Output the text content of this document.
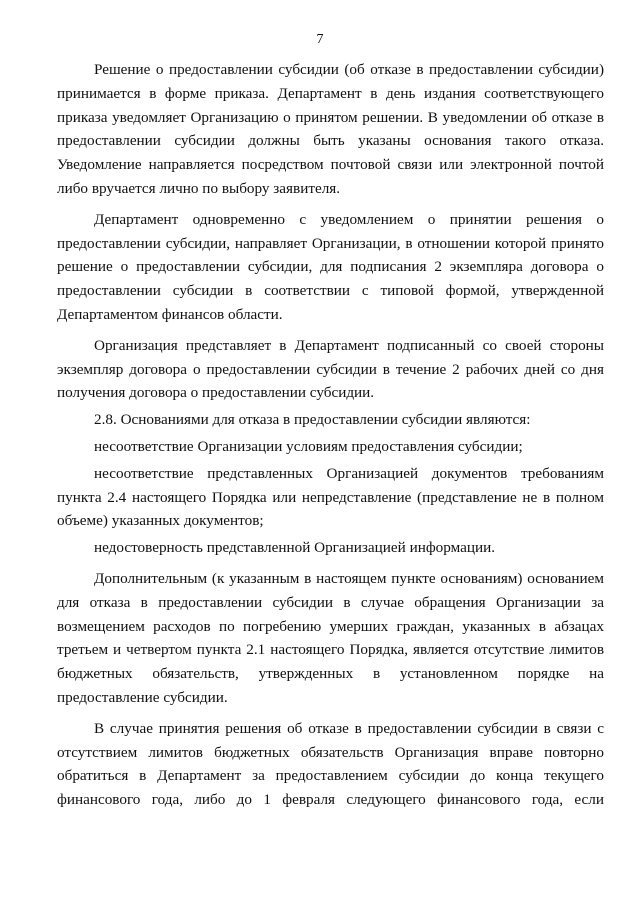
7

Решение о предоставлении субсидии (об отказе в предоставлении субсидии) принимается в форме приказа. Департамент в день издания соответствующего приказа уведомляет Организацию о принятом решении. В уведомлении об отказе в предоставлении субсидии должны быть указаны основания такого отказа. Уведомление направляется посредством почтовой связи или электронной почтой либо вручается лично по выбору заявителя.

Департамент одновременно с уведомлением о принятии решения о предоставлении субсидии, направляет Организации, в отношении которой принято решение о предоставлении субсидии, для подписания 2 экземпляра договора о предоставлении субсидии в соответствии с типовой формой, утвержденной Департаментом финансов области.

Организация представляет в Департамент подписанный со своей стороны экземпляр договора о предоставлении субсидии в течение 2 рабочих дней со дня получения договора о предоставлении субсидии.

2.8. Основаниями для отказа в предоставлении субсидии являются:

несоответствие Организации условиям предоставления субсидии;

несоответствие представленных Организацией документов требованиям пункта 2.4 настоящего Порядка или непредставление (представление не в полном объеме) указанных документов;

недостоверность представленной Организацией информации.

Дополнительным (к указанным в настоящем пункте основаниям) основанием для отказа в предоставлении субсидии в случае обращения Организации за возмещением расходов по погребению умерших граждан, указанных в абзацах третьем и четвертом пункта 2.1 настоящего Порядка, является отсутствие лимитов бюджетных обязательств, утвержденных в установленном порядке на предоставление субсидии.

В случае принятия решения об отказе в предоставлении субсидии в связи с отсутствием лимитов бюджетных обязательств Организация вправе повторно обратиться в Департамент за предоставлением субсидии до конца текущего финансового года, либо до 1 февраля следующего финансового года, если
